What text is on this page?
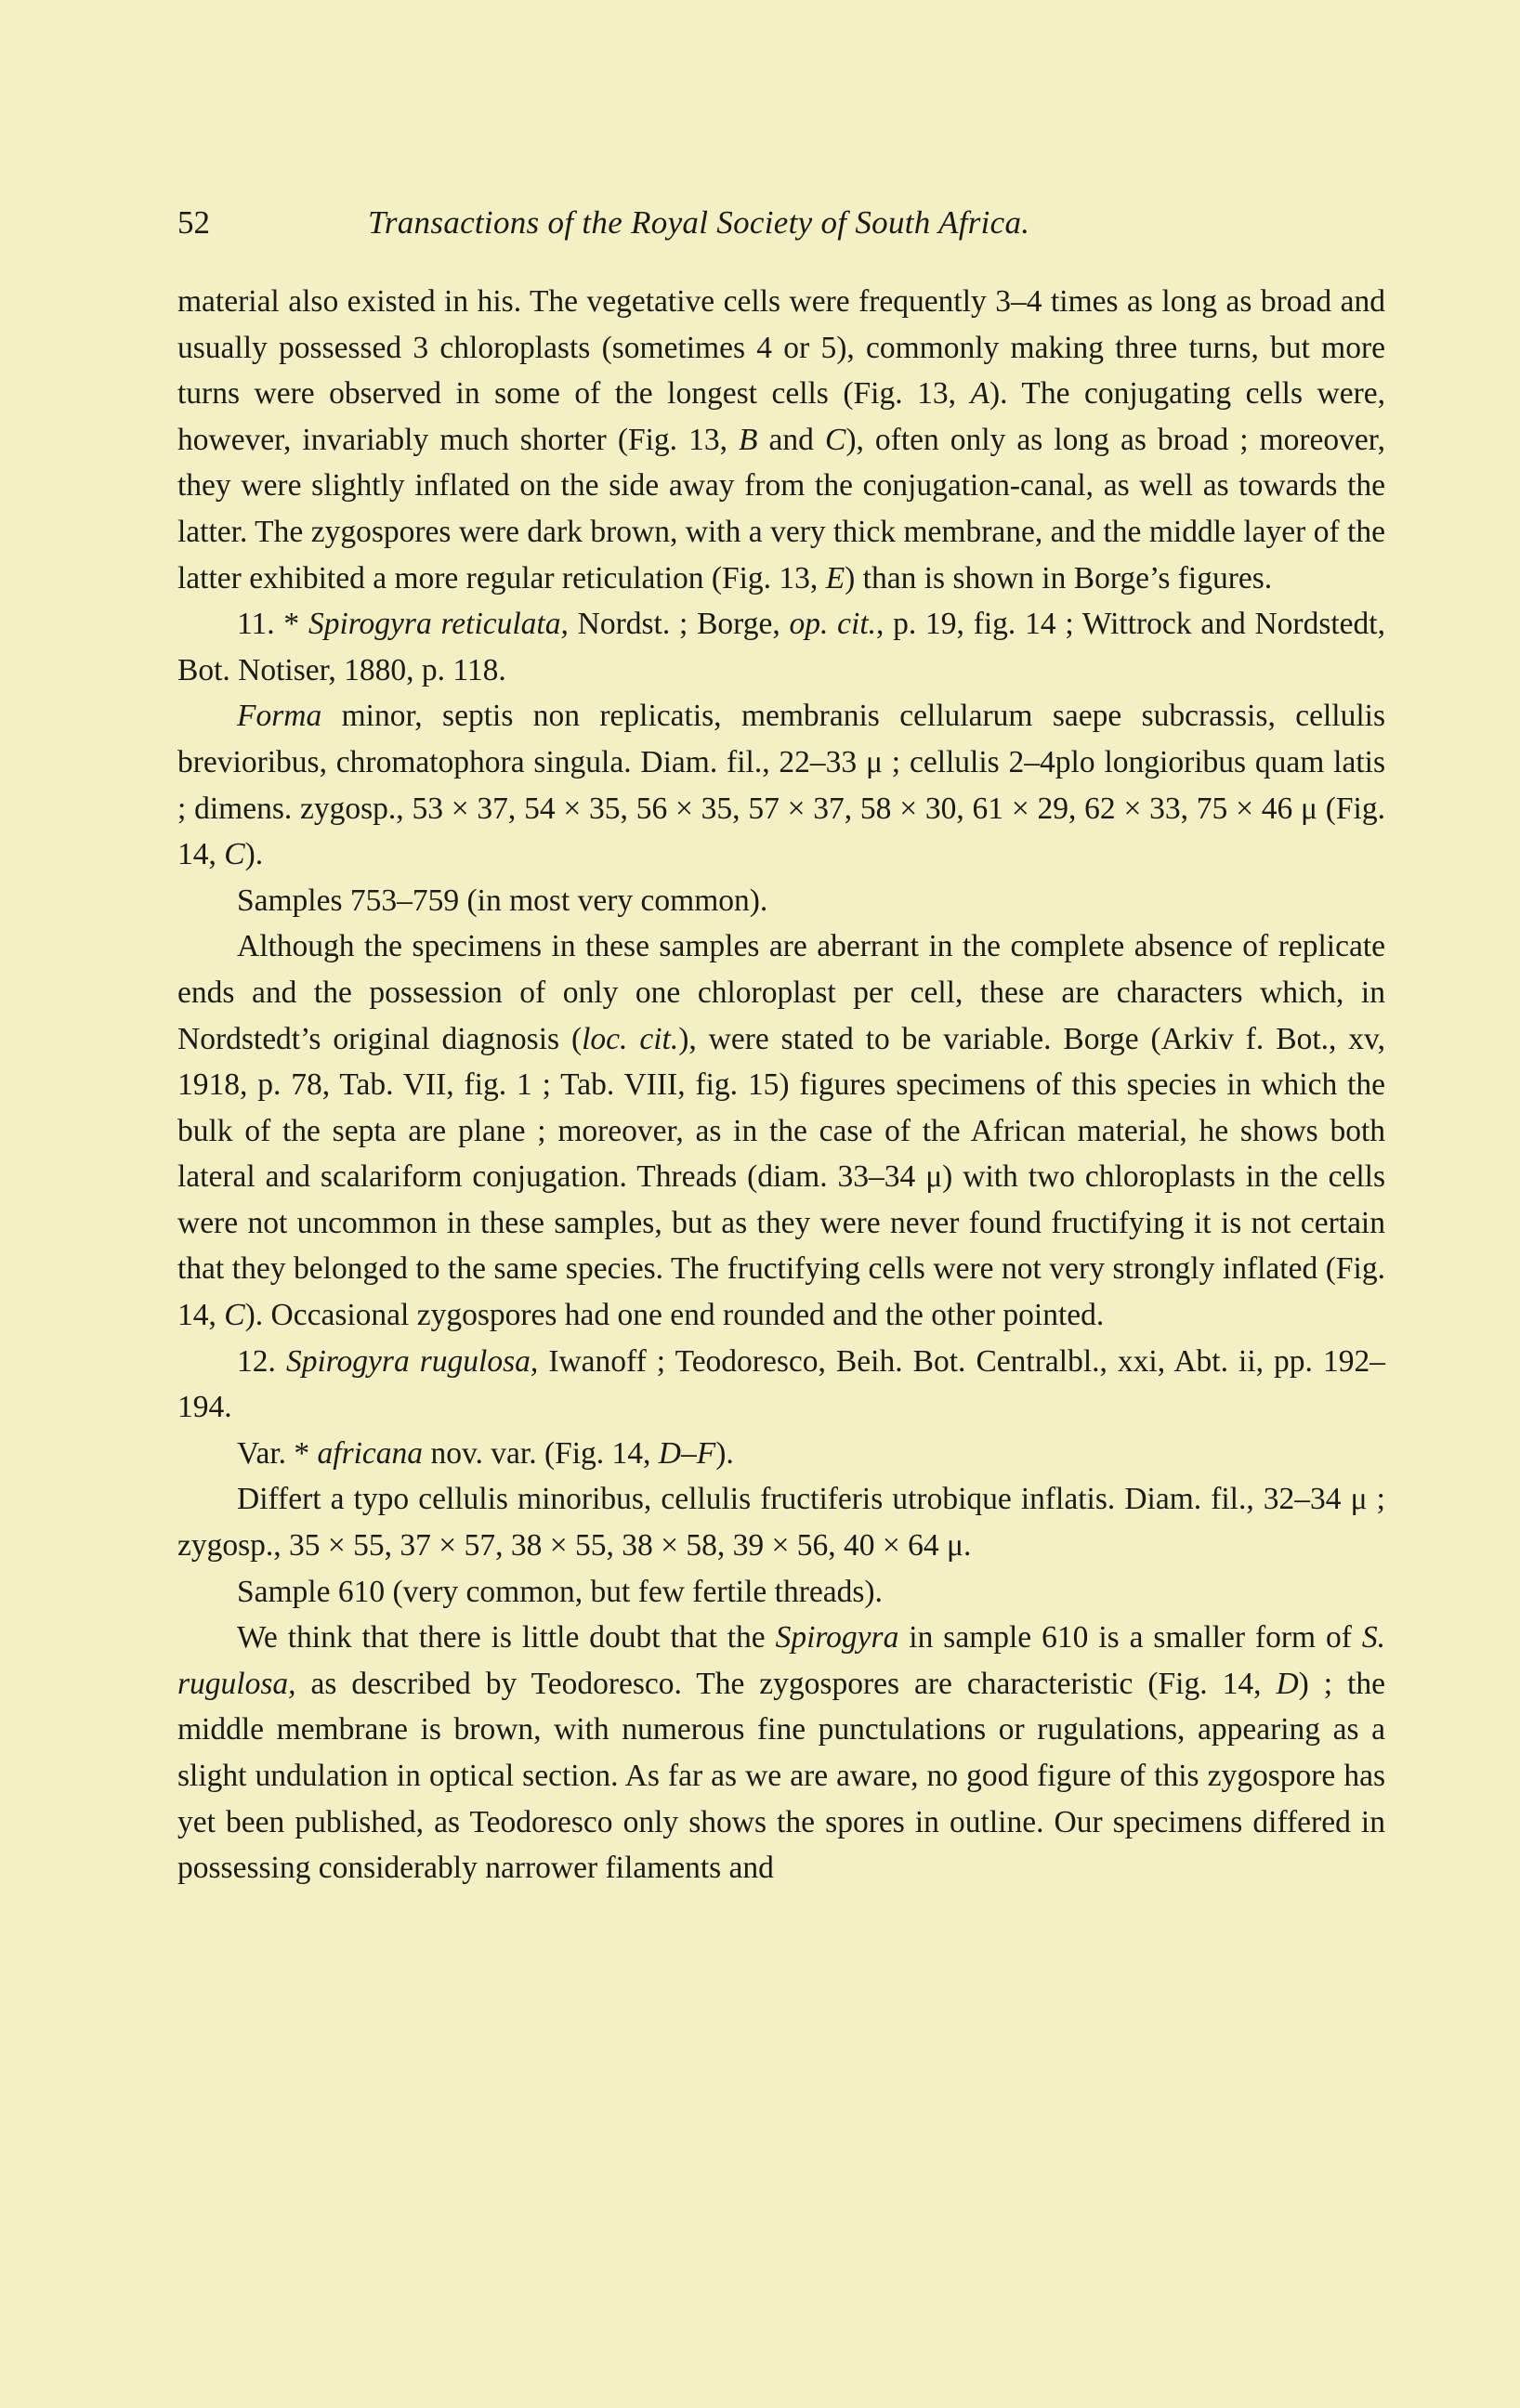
52	Transactions of the Royal Society of South Africa.

material also existed in his. The vegetative cells were frequently 3–4 times as long as broad and usually possessed 3 chloroplasts (sometimes 4 or 5), commonly making three turns, but more turns were observed in some of the longest cells (Fig. 13, A). The conjugating cells were, however, invariably much shorter (Fig. 13, B and C), often only as long as broad ; moreover, they were slightly inflated on the side away from the conjugation-canal, as well as towards the latter. The zygospores were dark brown, with a very thick membrane, and the middle layer of the latter exhibited a more regular reticulation (Fig. 13, E) than is shown in Borge’s figures.

11. * Spirogyra reticulata, Nordst. ; Borge, op. cit., p. 19, fig. 14 ; Wittrock and Nordstedt, Bot. Notiser, 1880, p. 118.

Forma minor, septis non replicatis, membranis cellularum saepe subcrassis, cellulis brevioribus, chromatophora singula. Diam. fil., 22–33 μ ; cellulis 2–4plo longioribus quam latis ; dimens. zygosp., 53 × 37, 54 × 35, 56 × 35, 57 × 37, 58 × 30, 61 × 29, 62 × 33, 75 × 46 μ (Fig. 14, C).

Samples 753–759 (in most very common).

Although the specimens in these samples are aberrant in the complete absence of replicate ends and the possession of only one chloroplast per cell, these are characters which, in Nordstedt’s original diagnosis (loc. cit.), were stated to be variable. Borge (Arkiv f. Bot., xv, 1918, p. 78, Tab. VII, fig. 1 ; Tab. VIII, fig. 15) figures specimens of this species in which the bulk of the septa are plane ; moreover, as in the case of the African material, he shows both lateral and scalariform conjugation. Threads (diam. 33–34 μ) with two chloroplasts in the cells were not uncommon in these samples, but as they were never found fructifying it is not certain that they belonged to the same species. The fructifying cells were not very strongly inflated (Fig. 14, C). Occasional zygospores had one end rounded and the other pointed.

12. Spirogyra rugulosa, Iwanoff ; Teodoresco, Beih. Bot. Centralbl., xxi, Abt. ii, pp. 192–194.

Var. * africana nov. var. (Fig. 14, D–F).

Differt a typo cellulis minoribus, cellulis fructiferis utrobique inflatis. Diam. fil., 32–34 μ ; zygosp., 35 × 55, 37 × 57, 38 × 55, 38 × 58, 39 × 56, 40 × 64 μ.

Sample 610 (very common, but few fertile threads).

We think that there is little doubt that the Spirogyra in sample 610 is a smaller form of S. rugulosa, as described by Teodoresco. The zygospores are characteristic (Fig. 14, D) ; the middle membrane is brown, with numerous fine punctulations or rugulations, appearing as a slight undulation in optical section. As far as we are aware, no good figure of this zygospore has yet been published, as Teodoresco only shows the spores in outline. Our specimens differed in possessing considerably narrower filaments and
